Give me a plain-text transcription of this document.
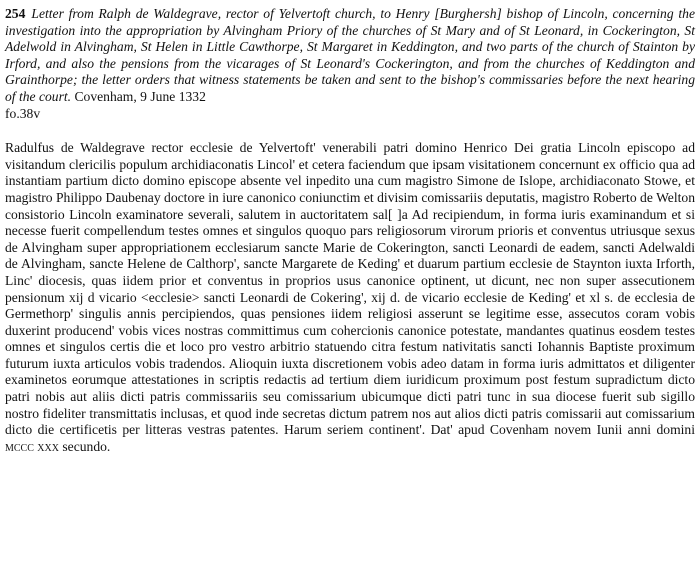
254 Letter from Ralph de Waldegrave, rector of Yelvertoft church, to Henry [Burghersh] bishop of Lincoln, concerning the investigation into the appropriation by Alvingham Priory of the churches of St Mary and of St Leonard, in Cockerington, St Adelwold in Alvingham, St Helen in Little Cawthorpe, St Margaret in Keddington, and two parts of the church of Stainton by Irford, and also the pensions from the vicarages of St Leonard's Cockerington, and from the churches of Keddington and Grainthorpe; the letter orders that witness statements be taken and sent to the bishop's commissaries before the next hearing of the court. Covenham, 9 June 1332

fo.38v

Radulfus de Waldegrave rector ecclesie de Yelvertoft' venerabili patri domino Henrico Dei gratia Lincoln episcopo ad visitandum clericilis populum archidiaconatis Lincol' et cetera faciendum que ipsam visitationem concernunt ex officio qua ad instantiam partium dicto domino episcope absente vel inpedito una cum magistro Simone de Islope, archidiaconato Stowe, et magistro Philippo Daubenay doctore in iure canonico coniunctim et divisim comissariis deputatis, magistro Roberto de Welton consistorio Lincoln examinatore severali, salutem in auctoritatem sal[ ]a Ad recipiendum, in forma iuris examinandum et si necesse fuerit compellendum testes omnes et singulos quoquo pars religiosorum virorum prioris et conventus utriusque sexus de Alvingham super appropriationem ecclesiarum sancte Marie de Cokerington, sancti Leonardi de eadem, sancti Adelwaldi de Alvingham, sancte Helene de Calthorp', sancte Margarete de Keding' et duarum partium ecclesie de Staynton iuxta Irforth, Linc' diocesis, quas iidem prior et conventus in proprios usus canonice optinent, ut dicunt, nec non super assecutionem pensionum xij d vicario <ecclesie> sancti Leonardi de Cokering', xij d. de vicario ecclesie de Keding' et xl s. de ecclesia de Germethorp' singulis annis percipiendos, quas pensiones iidem religiosi asserunt se legitime esse, assecutos coram vobis duxerint producend' vobis vices nostras committimus cum cohercionis canonice potestate, mandantes quatinus eosdem testes omnes et singulos certis die et loco pro vestro arbitrio statuendo citra festum nativitatis sancti Iohannis Baptiste proximum futurum iuxta articulos vobis tradendos. Alioquin iuxta discretionem vobis adeo datam in forma iuris admittatos et diligenter examinetos eorumque attestationes in scriptis redactis ad tertium diem iuridicum proximum post festum supradictum dicto patri nobis aut aliis dicti patris commissariis seu comissarium ubicumque dicti patri tunc in sua diocese fuerit sub sigillo nostro fideliter transmittatis inclusas, et quod inde secretas dictum patrem nos aut alios dicti patris comissarii aut comissarium dicto die certificetis per litteras vestras patentes. Harum seriem continent'. Dat' apud Covenham novem Iunii anni domini mccc xxx secundo.
